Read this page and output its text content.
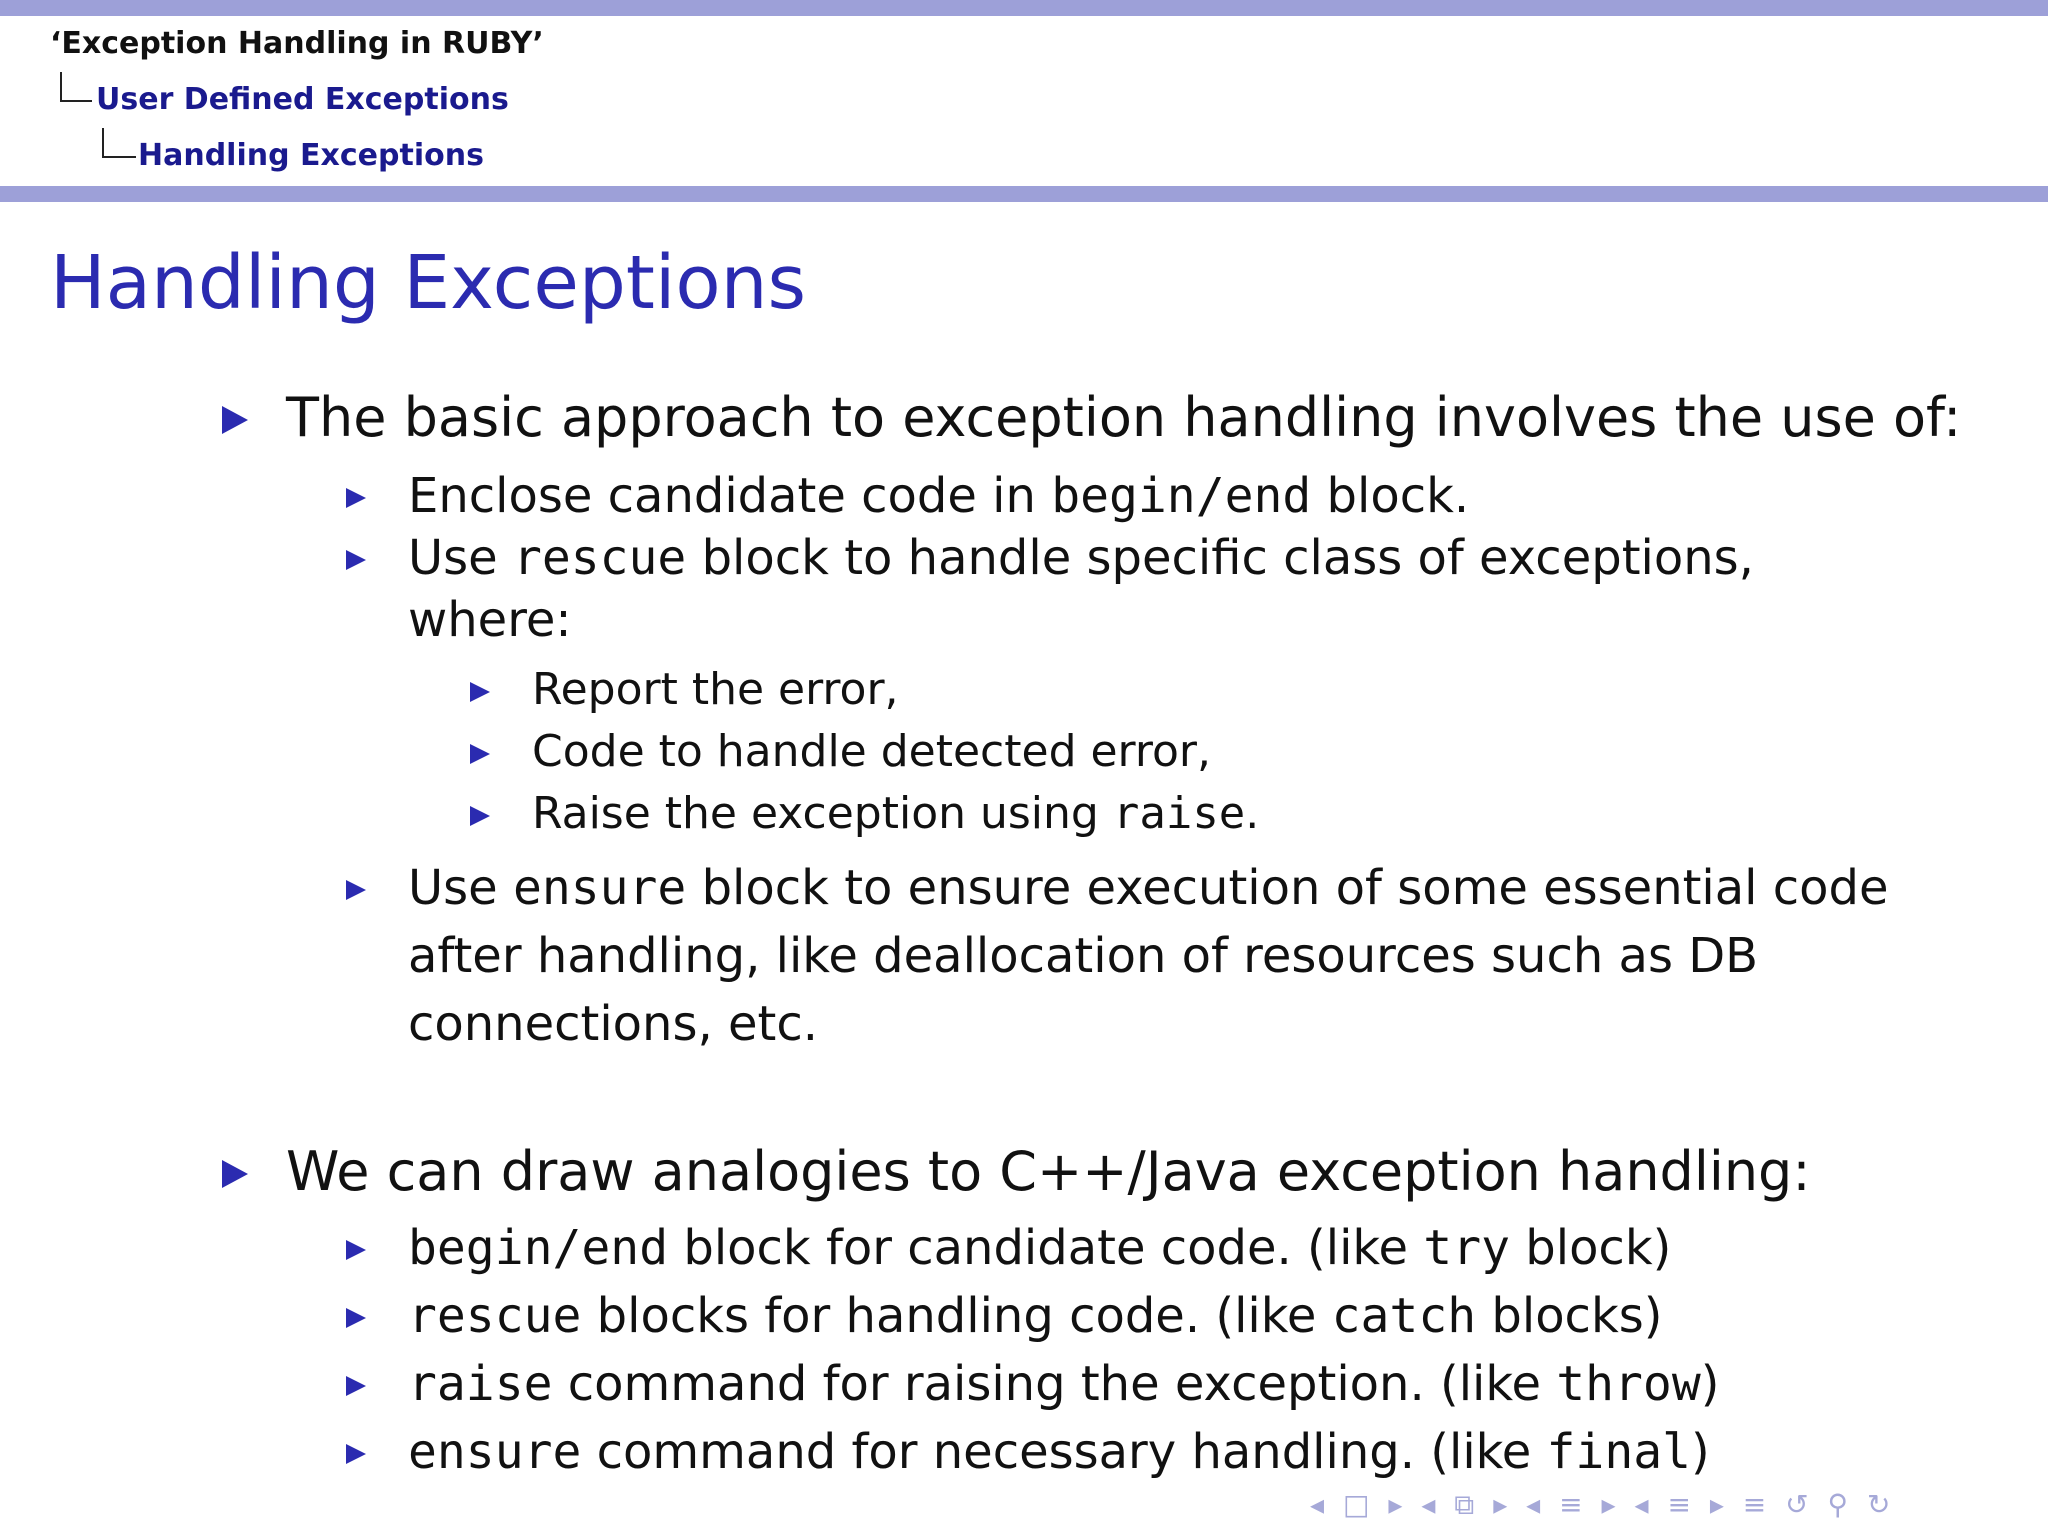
‘Exception Handling in RUBY’
User Defined Exceptions
Handling Exceptions
Handling Exceptions
The basic approach to exception handling involves the use of:
Enclose candidate code in begin/end block.
Use rescue block to handle specific class of exceptions,
where:
Report the error,
Code to handle detected error,
Raise the exception using raise.
Use ensure block to ensure execution of some essential code
after handling, like deallocation of resources such as DB
connections, etc.
We can draw analogies to C++/Java exception handling:
begin/end block for candidate code. (like try block)
rescue blocks for handling code. (like catch blocks)
raise command for raising the exception. (like throw)
ensure command for necessary handling. (like final)
◂ □ ▸ ◂ ⧉ ▸ ◂ ≡ ▸ ◂ ≡ ▸ ≡ ↺ ⚲ ↻
